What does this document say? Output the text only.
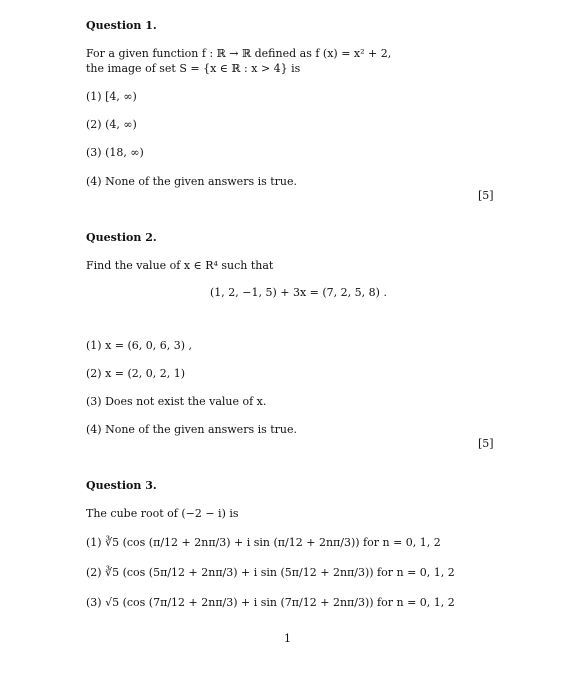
Question 1.
For a given function f : ℝ → ℝ defined as f (x) = x² + 2,
the image of set S = {x ∈ ℝ : x > 4} is
(1) [4, ∞)
(2) (4, ∞)
(3) (18, ∞)
(4) None of the given answers is true.
[5]
Question 2.
Find the value of x ∈ R⁴ such that
(1, 2, −1, 5) + 3x = (7, 2, 5, 8) .
(1) x = (6, 0, 6, 3) ,
(2) x = (2, 0, 2, 1)
(3) Does not exist the value of x.
(4) None of the given answers is true.
[5]
Question 3.
The cube root of (−2 − i) is
(1) ∛5 (cos (π/12 + 2nπ/3) + i sin (π/12 + 2nπ/3)) for n = 0, 1, 2
(2) ∛5 (cos (5π/12 + 2nπ/3) + i sin (5π/12 + 2nπ/3)) for n = 0, 1, 2
(3) √5 (cos (7π/12 + 2nπ/3) + i sin (7π/12 + 2nπ/3)) for n = 0, 1, 2
1
